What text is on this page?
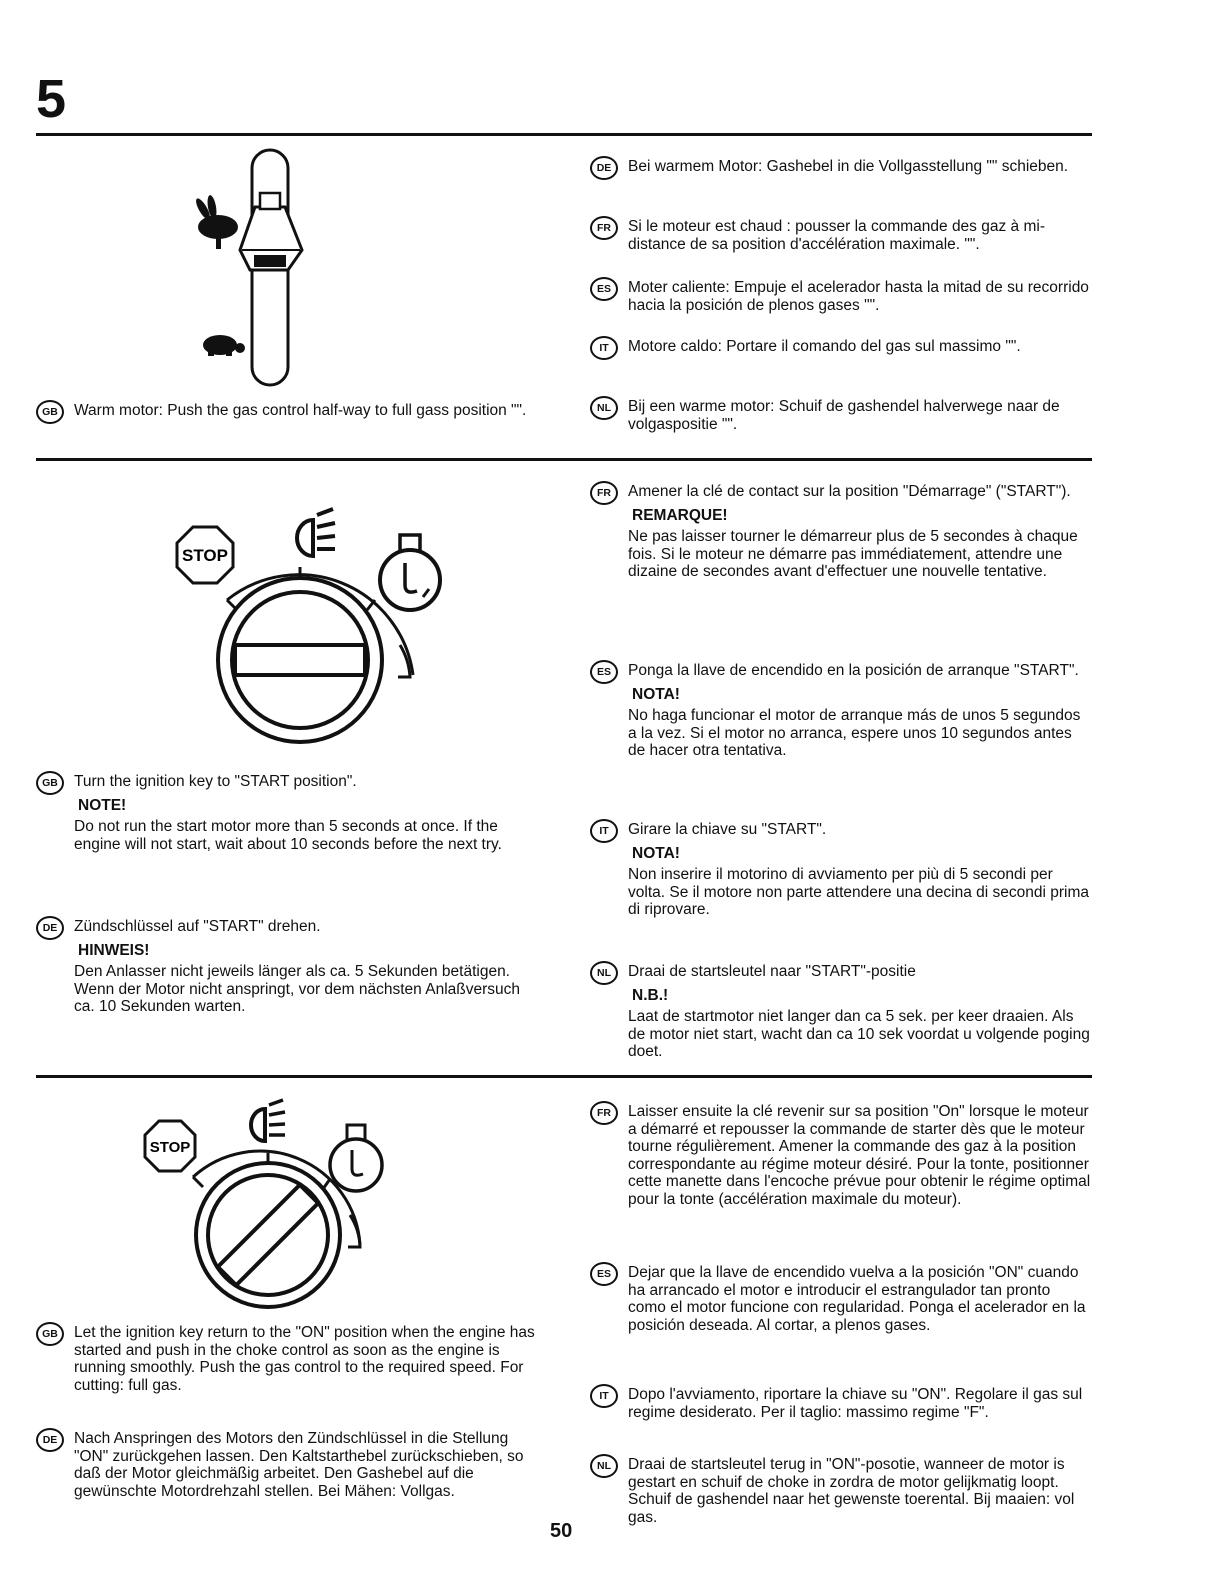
5
GB	Warm motor: Push the gas control half-way to full gass position "".

DE	Bei warmem Motor: Gashebel in die Vollgasstellung "" schieben.

FR	Si le moteur est chaud : pousser la commande des gaz à mi-distance de sa position d'accélération maximale. "".

ES	Moter caliente: Empuje el acelerador hasta la mitad de su recorrido hacia la posición de plenos gases "".

IT	Motore caldo: Portare il comando del gas sul massimo "".

NL	Bij een warme motor: Schuif de gashendel halverwege naar de volgaspositie "".

STOP
GB	Turn the ignition key to "START position".

NOTE!

Do not run the start motor more than 5 seconds at once. If the engine will not start, wait about 10 seconds before the next try.

DE	Zündschlüssel auf "START" drehen.

HINWEIS!

Den Anlasser nicht jeweils länger als ca. 5 Sekunden betätigen. Wenn der Motor nicht anspringt, vor dem nächsten Anlaßversuch ca. 10 Sekunden warten.

FR	Amener la clé de contact sur la position "Démarrage" ("START").

REMARQUE!

Ne pas laisser tourner le démarreur plus de 5 secondes à chaque fois. Si le moteur ne démarre pas immédiatement, attendre une dizaine de secondes avant d'effectuer une nouvelle tentative.

ES	Ponga la llave de encendido en la posición de arranque "START".

NOTA!

No haga funcionar el motor de arranque más de unos 5 segundos a la vez. Si el motor no arranca, espere unos 10 segundos antes de hacer otra tentativa.

IT	Girare la chiave su "START".

NOTA!

Non inserire il motorino di avviamento per più di 5 secondi per volta. Se il motore non parte attendere una decina di secondi prima di riprovare.

NL	Draai de startsleutel naar "START"-positie

N.B.!

Laat de startmotor niet langer dan ca 5 sek. per keer draaien. Als de motor niet start, wacht dan ca 10 sek voordat u volgende poging doet.

STOP
GB	Let the ignition key return to the "ON" position when the engine has started and push in the choke control as soon as the engine is running smoothly. Push the gas control to the required speed. For cutting: full gas.

DE	Nach Anspringen des Motors den Zündschlüssel in die Stellung "ON" zurückgehen lassen. Den Kaltstarthebel zurückschieben, so daß der Motor gleichmäßig arbeitet. Den Gashebel auf die gewünschte Motordrehzahl stellen. Bei Mähen: Vollgas.

FR	Laisser ensuite la clé revenir sur sa position "On" lorsque le moteur a démarré et repousser la commande de starter dès que le moteur tourne régulièrement. Amener la commande des gaz à la position correspondante au régime moteur désiré. Pour la tonte, positionner cette manette dans l'encoche prévue pour obtenir le régime optimal pour la tonte (accélération maximale du moteur).

ES	Dejar que la llave de encendido vuelva a la posición "ON" cuando ha arrancado el motor e introducir el estrangulador tan pronto como el motor funcione con regularidad. Ponga el acelerador en la posición deseada. Al cortar, a plenos gases.

IT	Dopo l'avviamento, riportare la chiave su "ON". Regolare il gas sul regime desiderato. Per il taglio: massimo regime "F".

NL	Draai de startsleutel terug in "ON"-posotie, wanneer de motor is gestart en schuif de choke in zordra de motor gelijkmatig loopt. Schuif de gashendel naar het gewenste toerental. Bij maaien: vol gas.

50
